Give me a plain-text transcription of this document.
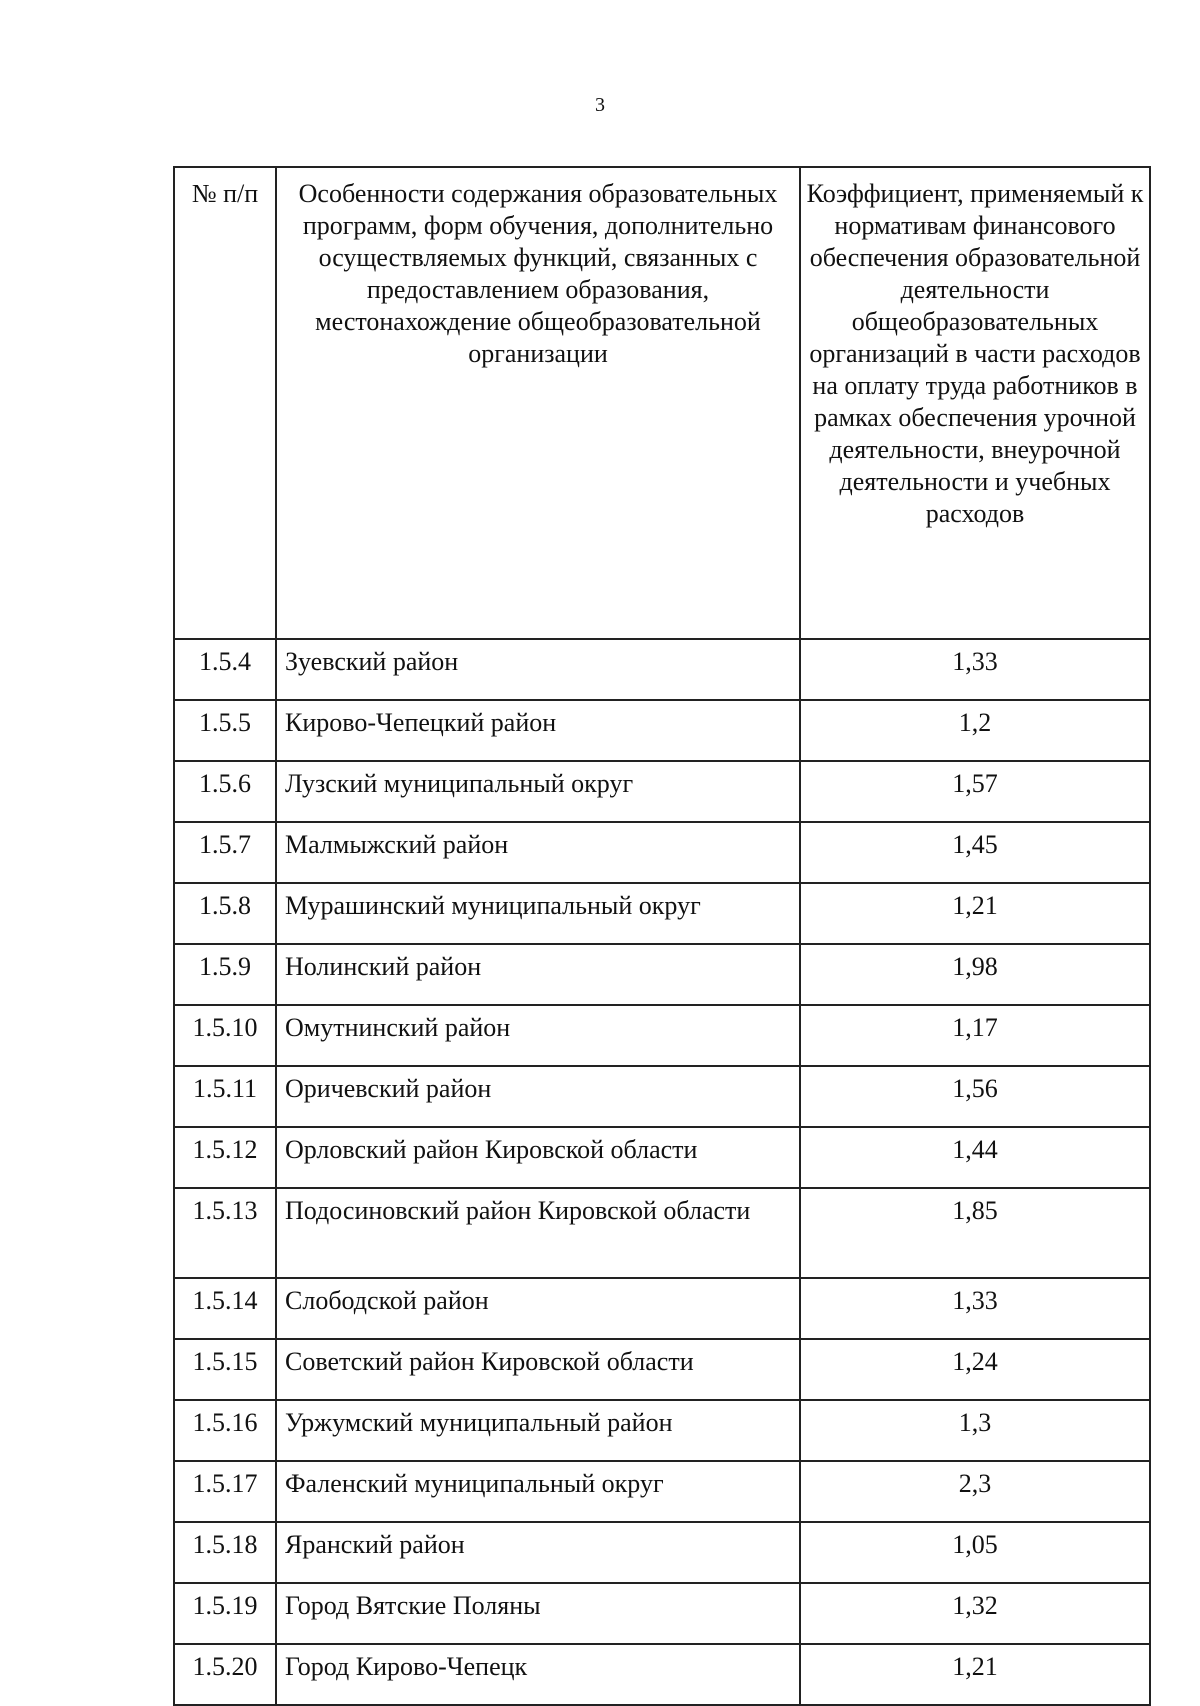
3
№ п/п	Особенности содержания образовательных программ, форм обучения, дополнительно осуществляемых функций, связанных с предоставлением образования, местонахождение общеобразовательной организации	Коэффициент, применяемый к нормативам финансового обеспечения образовательной деятельности общеобразовательных организаций в части расходов на оплату труда работников в рамках обеспечения урочной деятельности, внеурочной деятельности и учебных расходов
1.5.4	Зуевский район	1,33
1.5.5	Кирово-Чепецкий район	1,2
1.5.6	Лузский муниципальный округ	1,57
1.5.7	Малмыжский район	1,45
1.5.8	Мурашинский муниципальный округ	1,21
1.5.9	Нолинский район	1,98
1.5.10	Омутнинский район	1,17
1.5.11	Оричевский район	1,56
1.5.12	Орловский район Кировской области	1,44
1.5.13	Подосиновский район Кировской области	1,85
1.5.14	Слободской район	1,33
1.5.15	Советский район Кировской области	1,24
1.5.16	Уржумский муниципальный район	1,3
1.5.17	Фаленский муниципальный округ	2,3
1.5.18	Яранский район	1,05
1.5.19	Город Вятские Поляны	1,32
1.5.20	Город Кирово-Чепецк	1,21
